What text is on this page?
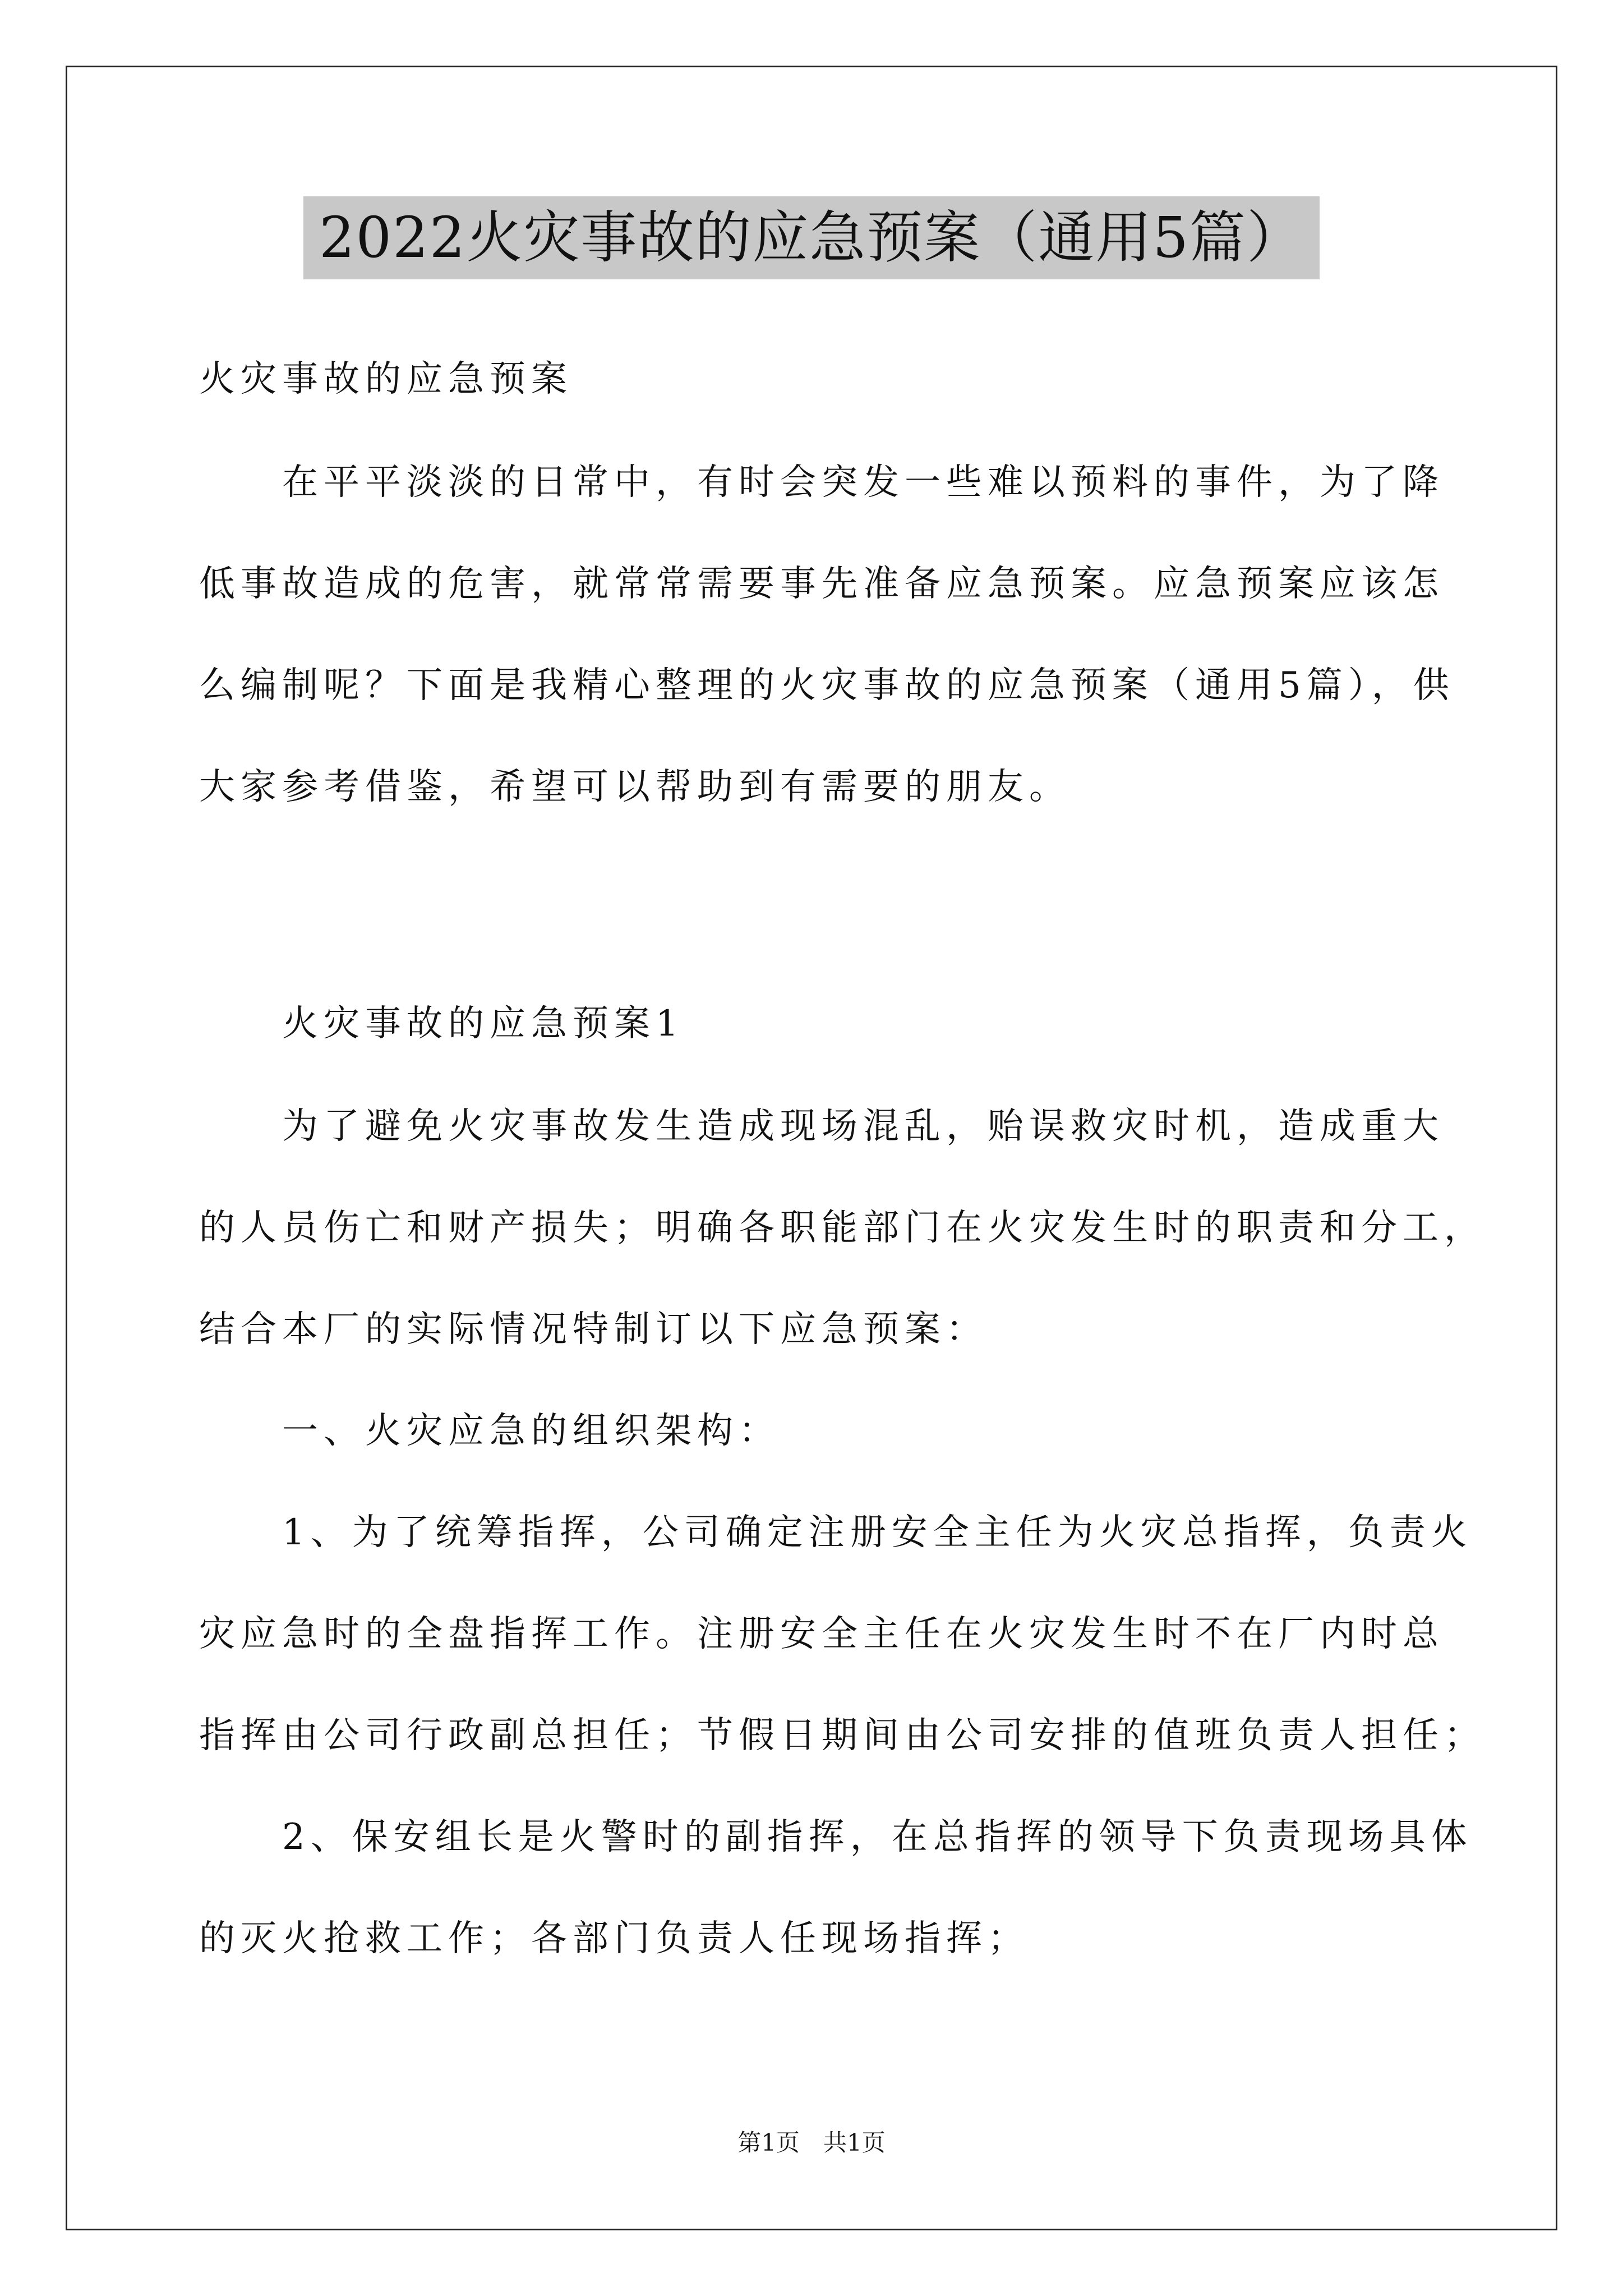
2022火灾事故的应急预案（通用5篇）
火灾事故的应急预案
　　在平平淡淡的日常中，有时会突发一些难以预料的事件，为了降
低事故造成的危害，就常常需要事先准备应急预案。应急预案应该怎
么编制呢？下面是我精心整理的火灾事故的应急预案（通用5篇），供
大家参考借鉴，希望可以帮助到有需要的朋友。
　　火灾事故的应急预案1
　　为了避免火灾事故发生造成现场混乱，贻误救灾时机，造成重大
的人员伤亡和财产损失；明确各职能部门在火灾发生时的职责和分工，
结合本厂的实际情况特制订以下应急预案：
　　一、火灾应急的组织架构：
　　1、为了统筹指挥，公司确定注册安全主任为火灾总指挥，负责火
灾应急时的全盘指挥工作。注册安全主任在火灾发生时不在厂内时总
指挥由公司行政副总担任；节假日期间由公司安排的值班负责人担任；
　　2、保安组长是火警时的副指挥，在总指挥的领导下负责现场具体
的灭火抢救工作；各部门负责人任现场指挥；
第1页　共1页
